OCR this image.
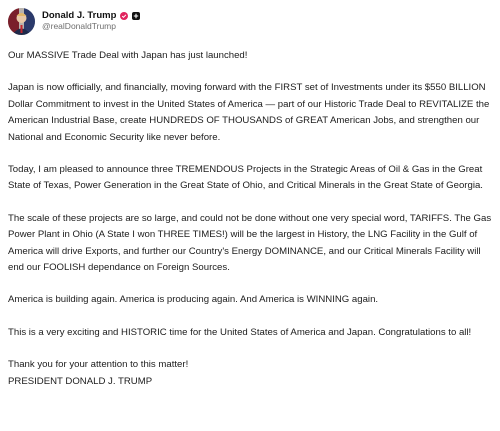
Donald J. Trump
@realDonaldTrump

Our MASSIVE Trade Deal with Japan has just launched!

Japan is now officially, and financially, moving forward with the FIRST set of Investments under its $550 BILLION Dollar Commitment to invest in the United States of America — part of our Historic Trade Deal to REVITALIZE the American Industrial Base, create HUNDREDS OF THOUSANDS of GREAT American Jobs, and strengthen our National and Economic Security like never before.

Today, I am pleased to announce three TREMENDOUS Projects in the Strategic Areas of Oil & Gas in the Great State of Texas, Power Generation in the Great State of Ohio, and Critical Minerals in the Great State of Georgia.

The scale of these projects are so large, and could not be done without one very special word, TARIFFS. The Gas Power Plant in Ohio (A State I won THREE TIMES!) will be the largest in History, the LNG Facility in the Gulf of America will drive Exports, and further our Country's Energy DOMINANCE, and our Critical Minerals Facility will end our FOOLISH dependance on Foreign Sources.

America is building again. America is producing again. And America is WINNING again.

This is a very exciting and HISTORIC time for the United States of America and Japan. Congratulations to all!

Thank you for your attention to this matter!

PRESIDENT DONALD J. TRUMP
